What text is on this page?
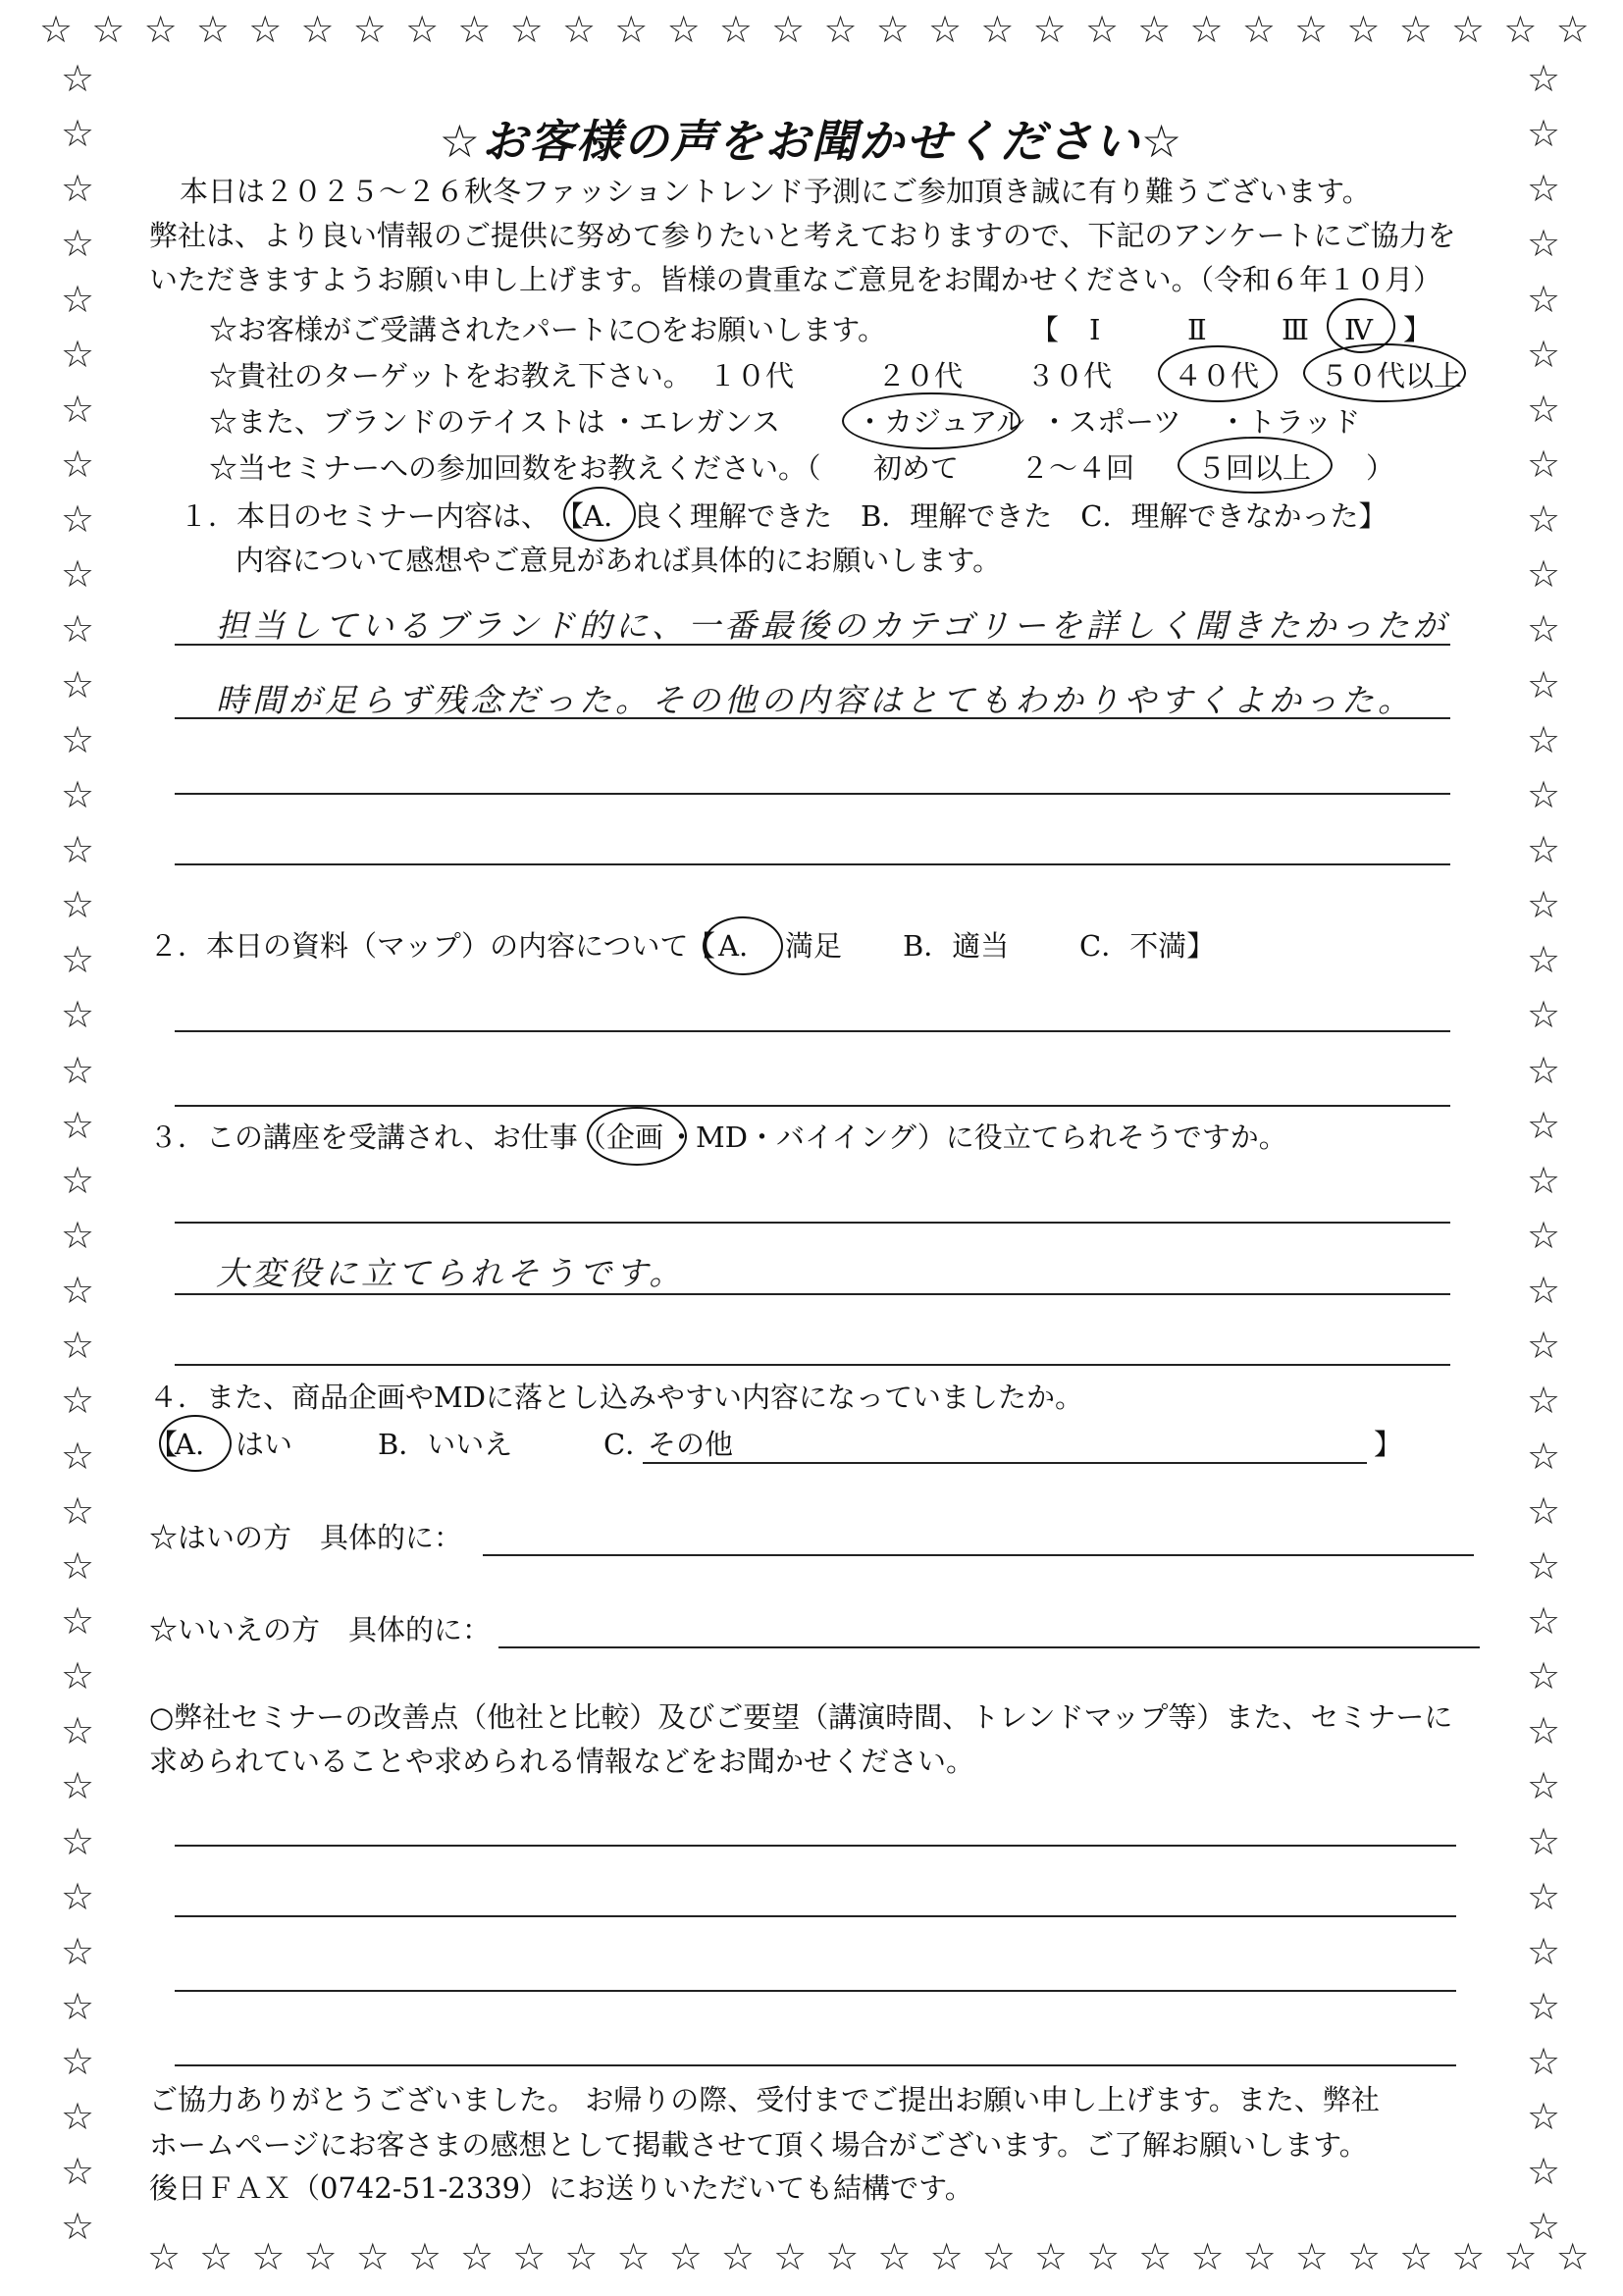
☆ ☆ ☆ ☆ ☆ ☆ ☆ ☆ ☆ ☆ ☆ ☆ ☆ ☆ ☆ ☆ ☆ ☆ ☆ ☆ ☆ ☆ ☆ ☆ ☆ ☆ ☆ ☆ ☆ ☆
☆ ☆ ☆ ☆ ☆ ☆ ☆ ☆ ☆ ☆ ☆ ☆ ☆ ☆ ☆ ☆ ☆ ☆ ☆ ☆ ☆ ☆ ☆ ☆ ☆ ☆ ☆ ☆
☆
☆
☆
☆
☆
☆
☆
☆
☆
☆
☆
☆
☆
☆
☆
☆
☆
☆
☆
☆
☆
☆
☆
☆
☆
☆
☆
☆
☆
☆
☆
☆
☆
☆
☆
☆
☆
☆
☆
☆
☆
☆
☆
☆
☆
☆
☆
☆
☆
☆
☆
☆
☆
☆
☆
☆
☆
☆
☆
☆
☆
☆
☆
☆
☆
☆
☆
☆
☆
☆
☆
☆
☆
☆
☆
☆
☆
☆
☆
☆
☆お客様の声をお聞かせください☆
本日は２０２５～２６秋冬ファッショントレンド予測にご参加頂き誠に有り難うございます。
弊社は、より良い情報のご提供に努めて参りたいと考えておりますので、下記のアンケートにご協力を
いただきますようお願い申し上げます。皆様の貴重なご意見をお聞かせください。（令和６年１０月）
☆お客様がご受講されたパートに○をお願いします。	【 Ⅰ	Ⅱ	Ⅲ Ⅳ 】
☆貴社のターゲットをお教え下さい。 １０代	２０代 ３０代 ４０代 ５０代以上
☆また、ブランドのテイストは ・エレガンス	・カジュアル ・スポーツ ・トラッド
☆当セミナーへの参加回数をお教えください。（ 初めて ２～４回 ５回以上 ）
１．本日のセミナー内容は、 【
A. 良く理解できた　B．理解できた　C．理解できなかった】
内容について感想やご意見があれば具体的にお願いします。
担当しているブランド的に、一番最後のカテゴリーを詳しく聞きたかったが
時間が足らず残念だった。その他の内容はとてもわかりやすくよかった。
２．本日の資料（マップ）の内容について
【 A. 満足 B．適当 C．不満】
３．この講座を受講され、お仕事（ 企画 ・MD・バイイング）に役立てられそうですか。
大変役に立てられそうです。
４．また、商品企画やMDに落とし込みやすい内容になっていましたか。
【
A. はい	B．いいえ	C．
その他	】
☆はいの方　具体的に：
☆いいえの方　具体的に：
○弊社セミナーの改善点（他社と比較）及びご要望（講演時間、トレンドマップ等）また、セミナーに
求められていることや求められる情報などをお聞かせください。
ご協力ありがとうございました。 お帰りの際、受付までご提出お願い申し上げます。また、弊社
ホームページにお客さまの感想として掲載させて頂く場合がございます。ご了解お願いします。
後日ＦＡＸ（0742-51-2339）にお送りいただいても結構です。
